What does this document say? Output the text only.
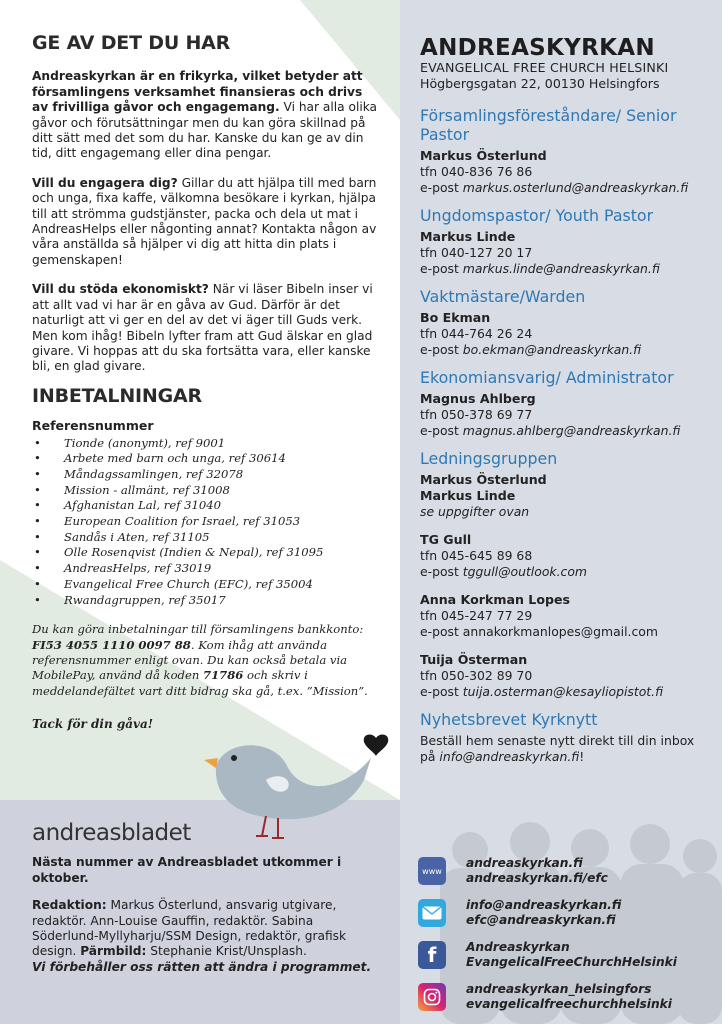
GE AV DET DU HAR

Andreaskyrkan är en frikyrka, vilket betyder att församlingens verksamhet finansieras och drivs av frivilliga gåvor och engagemang. Vi har alla olika gåvor och förutsättningar men du kan göra skillnad på ditt sätt med det som du har. Kanske du kan ge av din tid, ditt engagemang eller dina pengar.

Vill du engagera dig? Gillar du att hjälpa till med barn och unga, fixa kaffe, välkomna besökare i kyrkan, hjälpa till att strömma gudstjänster, packa och dela ut mat i AndreasHelps eller någonting annat? Kontakta någon av våra anställda så hjälper vi dig att hitta din plats i gemenskapen!

Vill du stöda ekonomiskt? När vi läser Bibeln inser vi att allt vad vi har är en gåva av Gud. Därför är det naturligt att vi ger en del av det vi äger till Guds verk. Men kom ihåg! Bibeln lyfter fram att Gud älskar en glad givare. Vi hoppas att du ska fortsätta vara, eller kanske bli, en glad givare.

INBETALNINGAR
Referensnummer
• Tionde (anonymt), ref 9001
• Arbete med barn och unga, ref 30614
• Måndagssamlingen, ref 32078
• Mission - allmänt, ref 31008
• Afghanistan Lal, ref 31040
• European Coalition for Israel, ref 31053
• Sandås i Aten, ref 31105
• Olle Rosenqvist (Indien & Nepal), ref 31095
• AndreasHelps, ref 33019
• Evangelical Free Church (EFC), ref 35004
• Rwandagruppen, ref 35017

Du kan göra inbetalningar till församlingens bankkonto: FI53 4055 1110 0097 88. Kom ihåg att använda referensnummer enligt ovan. Du kan också betala via MobilePay, använd då koden 71786 och skriv i meddelandefältet vart ditt bidrag ska gå, t.ex. ”Mission”.

Tack för din gåva!

andreasbladet

Nästa nummer av Andreasbladet utkommer i oktober.

Redaktion: Markus Österlund, ansvarig utgivare, redaktör. Ann-Louise Gauffin, redaktör. Sabina Söderlund-Myllyharju/SSM Design, redaktör, grafisk design. Pärmbild: Stephanie Krist/Unsplash.
Vi förbehåller oss rätten att ändra i programmet.

ANDREASKYRKAN
EVANGELICAL FREE CHURCH HELSINKI
Högbergsgatan 22, 00130 Helsingfors
Församlingsföreståndare/ Senior Pastor
Markus Österlund
tfn 040-836 76 86
e-post markus.osterlund@andreaskyrkan.fi
Ungdomspastor/ Youth Pastor
Markus Linde
tfn 040-127 20 17
e-post markus.linde@andreaskyrkan.fi
Vaktmästare/Warden
Bo Ekman
tfn 044-764 26 24
e-post bo.ekman@andreaskyrkan.fi
Ekonomiansvarig/ Administrator
Magnus Ahlberg
tfn 050-378 69 77
e-post magnus.ahlberg@andreaskyrkan.fi
Ledningsgruppen
Markus Österlund
Markus Linde
se uppgifter ovan
TG Gull
tfn 045-645 89 68
e-post tggull@outlook.com
Anna Korkman Lopes
tfn 045-247 77 29
e-post annakorkmanlopes@gmail.com
Tuija Österman
tfn 050-302 89 70
e-post tuija.osterman@kesayliopistot.fi
Nyhetsbrevet Kyrknytt
Beställ hem senaste nytt direkt till din inbox på info@andreaskyrkan.fi!
www
andreaskyrkan.fi
andreaskyrkan.fi/efc
info@andreaskyrkan.fi
efc@andreaskyrkan.fi
f	Andreaskyrkan
EvangelicalFreeChurchHelsinki
andreaskyrkan_helsingfors
evangelicalfreechurchhelsinki
